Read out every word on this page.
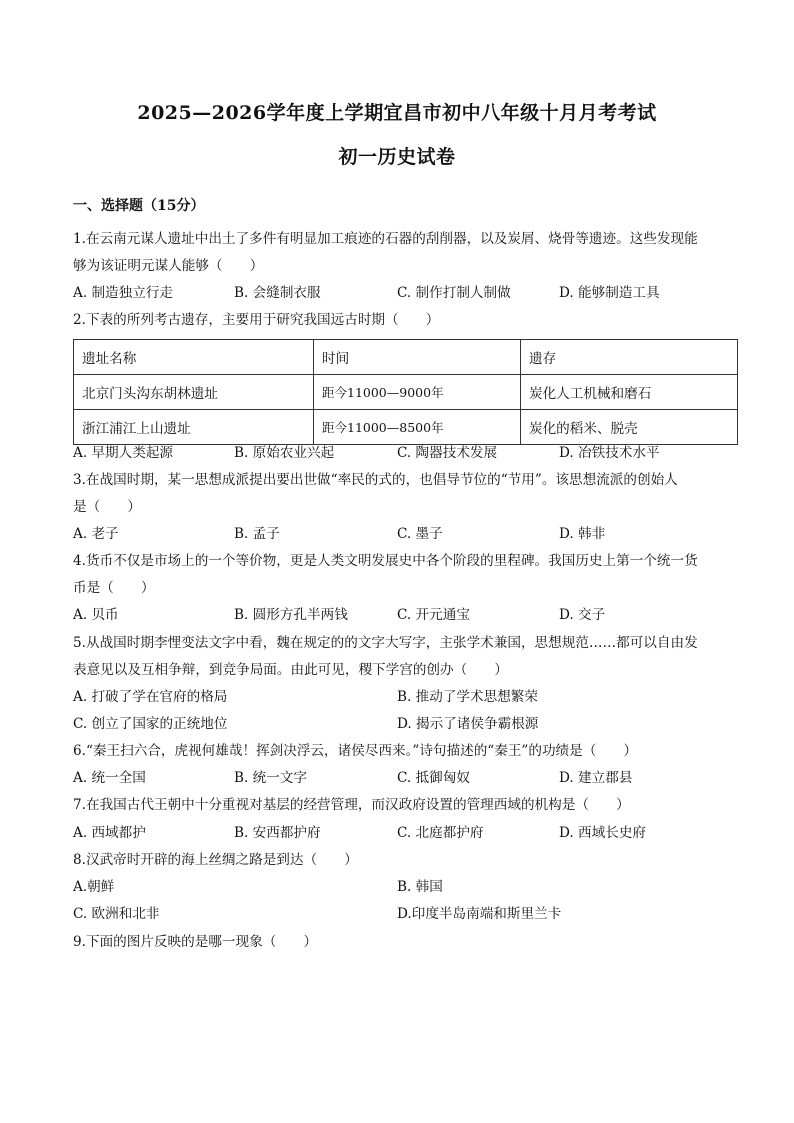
2025—2026学年度上学期宜昌市初中八年级十月月考考试
初一历史试卷
一、选择题（15分）
1.在云南元谋人遗址中出土了多件有明显加工痕迹的石器的刮削器，以及炭屑、烧骨等遗迹。这些发现能
够为该证明元谋人能够（　　）
A. 制造独立行走	B. 会缝制衣服	C. 制作打制人制做	D. 能够制造工具
2.下表的所列考古遗存，主要用于研究我国远古时期（　　）
遗址名称	时间	遗存
北京门头沟东胡林遗址	距今11000—9000年	炭化人工机械和磨石
浙江浦江上山遗址	距今11000—8500年	炭化的稻米、脱壳
A. 早期人类起源	B. 原始农业兴起	C. 陶器技术发展	D. 冶铁技术水平
3.在战国时期，某一思想成派提出要出世做“率民的式的，也倡导节位的“节用”。该思想流派的创始人
是（　　）
A. 老子	B. 孟子	C. 墨子	D. 韩非
4.货币不仅是市场上的一个等价物，更是人类文明发展史中各个阶段的里程碑。我国历史上第一个统一货
币是（　　）
A. 贝币	B. 圆形方孔半两钱	C. 开元通宝	D. 交子
5.从战国时期李悝变法文字中看，魏在规定的的文字大写字，主张学术兼国，思想规范……都可以自由发
表意见以及互相争辩，到竞争局面。由此可见，稷下学宫的创办（　　）
A. 打破了学在官府的格局	B. 推动了学术思想繁荣
C. 创立了国家的正统地位	D. 揭示了诸侯争霸根源
6.“秦王扫六合，虎视何雄哉！挥剑决浮云，诸侯尽西来。”诗句描述的“秦王”的功绩是（　　）
A. 统一全国	B. 统一文字	C. 抵御匈奴	D. 建立郡县
7.在我国古代王朝中十分重视对基层的经营管理，而汉政府设置的管理西域的机构是（　　）
A. 西域都护	B. 安西都护府	C. 北庭都护府	D. 西域长史府
8.汉武帝时开辟的海上丝绸之路是到达（　　）
A.朝鲜	B. 韩国
C. 欧洲和北非	D.印度半岛南端和斯里兰卡
9.下面的图片反映的是哪一现象（　　）
